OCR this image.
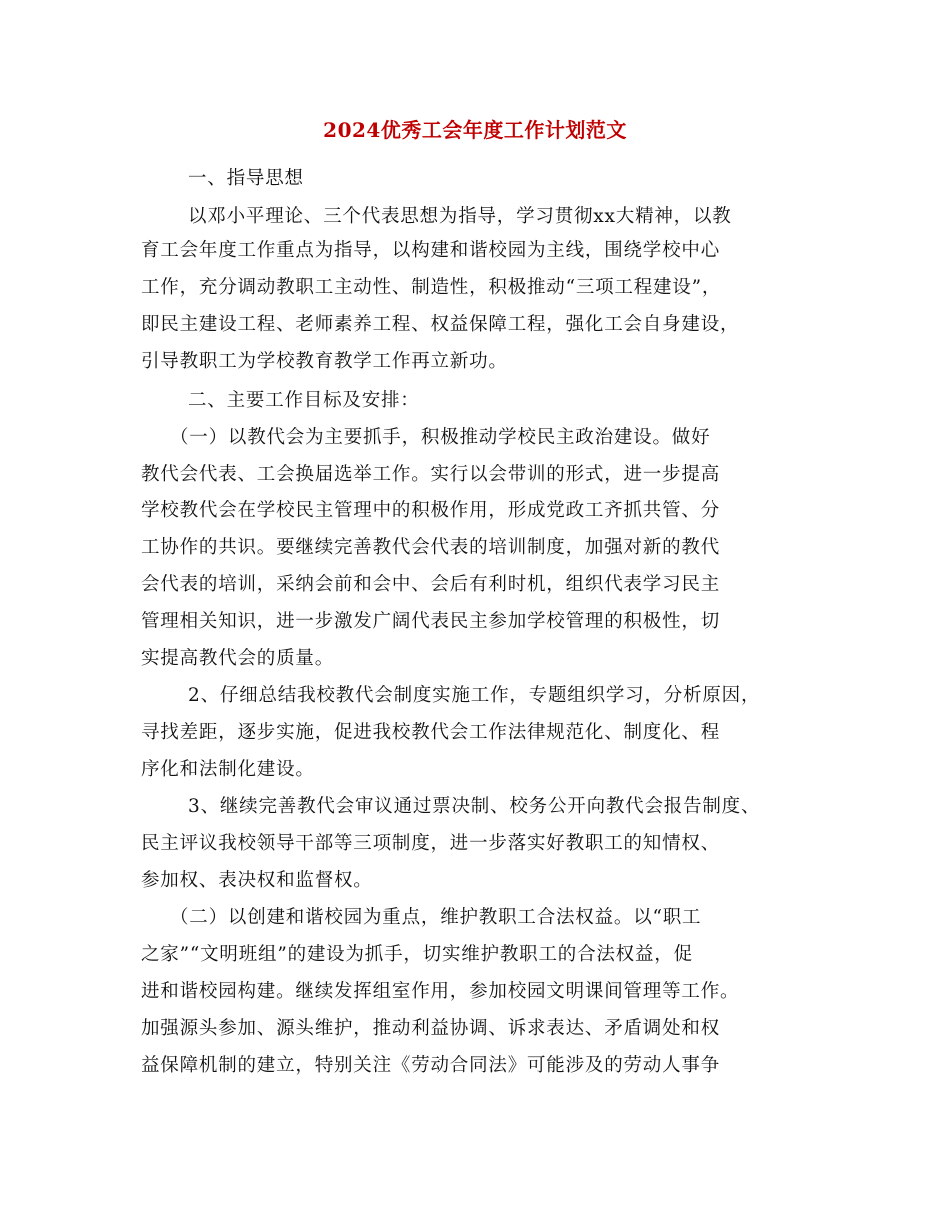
2024优秀工会年度工作计划范文
一、指导思想
以邓小平理论、三个代表思想为指导，学习贯彻xx大精神，以教
育工会年度工作重点为指导，以构建和谐校园为主线，围绕学校中心
工作，充分调动教职工主动性、制造性，积极推动“三项工程建设”，
即民主建设工程、老师素养工程、权益保障工程，强化工会自身建设，
引导教职工为学校教育教学工作再立新功。
二、主要工作目标及安排：
（一）以教代会为主要抓手，积极推动学校民主政治建设。做好
教代会代表、工会换届选举工作。实行以会带训的形式，进一步提高
学校教代会在学校民主管理中的积极作用，形成党政工齐抓共管、分
工协作的共识。要继续完善教代会代表的培训制度，加强对新的教代
会代表的培训，采纳会前和会中、会后有利时机，组织代表学习民主
管理相关知识，进一步激发广阔代表民主参加学校管理的积极性，切
实提高教代会的质量。
2、仔细总结我校教代会制度实施工作，专题组织学习，分析原因，
寻找差距，逐步实施，促进我校教代会工作法律规范化、制度化、程
序化和法制化建设。
3、继续完善教代会审议通过票决制、校务公开向教代会报告制度、
民主评议我校领导干部等三项制度，进一步落实好教职工的知情权、
参加权、表决权和监督权。
（二）以创建和谐校园为重点，维护教职工合法权益。以“职工
之家”“文明班组”的建设为抓手，切实维护教职工的合法权益，促
进和谐校园构建。继续发挥组室作用，参加校园文明课间管理等工作。
加强源头参加、源头维护，推动利益协调、诉求表达、矛盾调处和权
益保障机制的建立，特别关注《劳动合同法》可能涉及的劳动人事争
